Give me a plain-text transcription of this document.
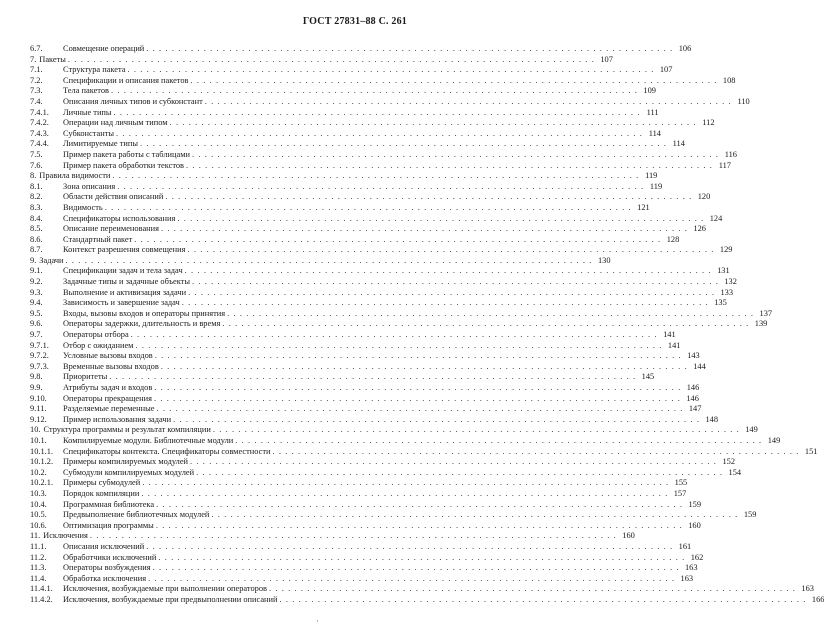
ГОСТ 27831–88 С. 261
6.7.	Совмещение операций . . .	106
7. Пакеты . . .	107
7.1.	Структура пакета . . .	107
7.2.	Спецификации и описания пакетов . . .	108
7.3.	Тела пакетов . . .	109
7.4.	Описания личных типов и субконстант . . .	110
7.4.1.	Личные типы . . .	111
7.4.2.	Операции над личным типом . . .	112
7.4.3.	Субконстанты . . .	114
7.4.4.	Лимитируемые типы . . .	114
7.5.	Пример пакета работы с таблицами . . .	116
7.6.	Пример пакета обработки текстов . . .	117
8. Правила видимости . . .	119
8.1.	Зона описания . . .	119
8.2.	Области действия описаний . . .	120
8.3.	Видимость . . .	121
8.4.	Спецификаторы использования . . .	124
8.5.	Описание переименования . . .	126
8.6.	Стандартный пакет . . .	128
8.7.	Контекст разрешения совмещения . . .	129
9. Задачи . . .	130
9.1.	Спецификации задач и тела задач . . .	131
9.2.	Задачные типы и задачные объекты . . .	132
9.3.	Выполнение и активизация задачи . . .	133
9.4.	Зависимость и завершение задач . . .	135
9.5.	Входы, вызовы входов и операторы принятия . . .	137
9.6.	Операторы задержки, длительность и время . . .	139
9.7.	Операторы отбора . . .	141
9.7.1.	Отбор с ожиданием . . .	141
9.7.2.	Условные вызовы входов . . .	143
9.7.3.	Временные вызовы входов . . .	144
9.8.	Приоритеты . . .	145
9.9.	Атрибуты задач и входов . . .	146
9.10.	Операторы прекращения . . .	146
9.11.	Разделяемые переменные . . .	147
9.12.	Пример использования задачи . . .	148
10. Структура программы и результат компиляции . . .	149
10.1.	Компилируемые модули. Библиотечные модули . . .	149
10.1.1.	Спецификаторы контекста. Спецификаторы совместности . . .	151
10.1.2.	Примеры компилируемых модулей . . .	152
10.2.	Субмодули компилируемых модулей . . .	154
10.2.1.	Примеры субмодулей . . .	155
10.3.	Порядок компиляции . . .	157
10.4.	Программная библиотека . . .	159
10.5.	Предвыполнение библиотечных модулей . . .	159
10.6.	Оптимизация программы . . .	160
11. Исключения . . .	160
11.1.	Описания исключений . . .	161
11.2.	Обработчики исключений . . .	162
11.3.	Операторы возбуждения . . .	163
11.4.	Обработка исключения . . .	163
11.4.1.	Исключения, возбуждаемые при выполнении операторов . . .	163
11.4.2.	Исключения, возбуждаемые при предвыполнении описаний . . .	166
·
